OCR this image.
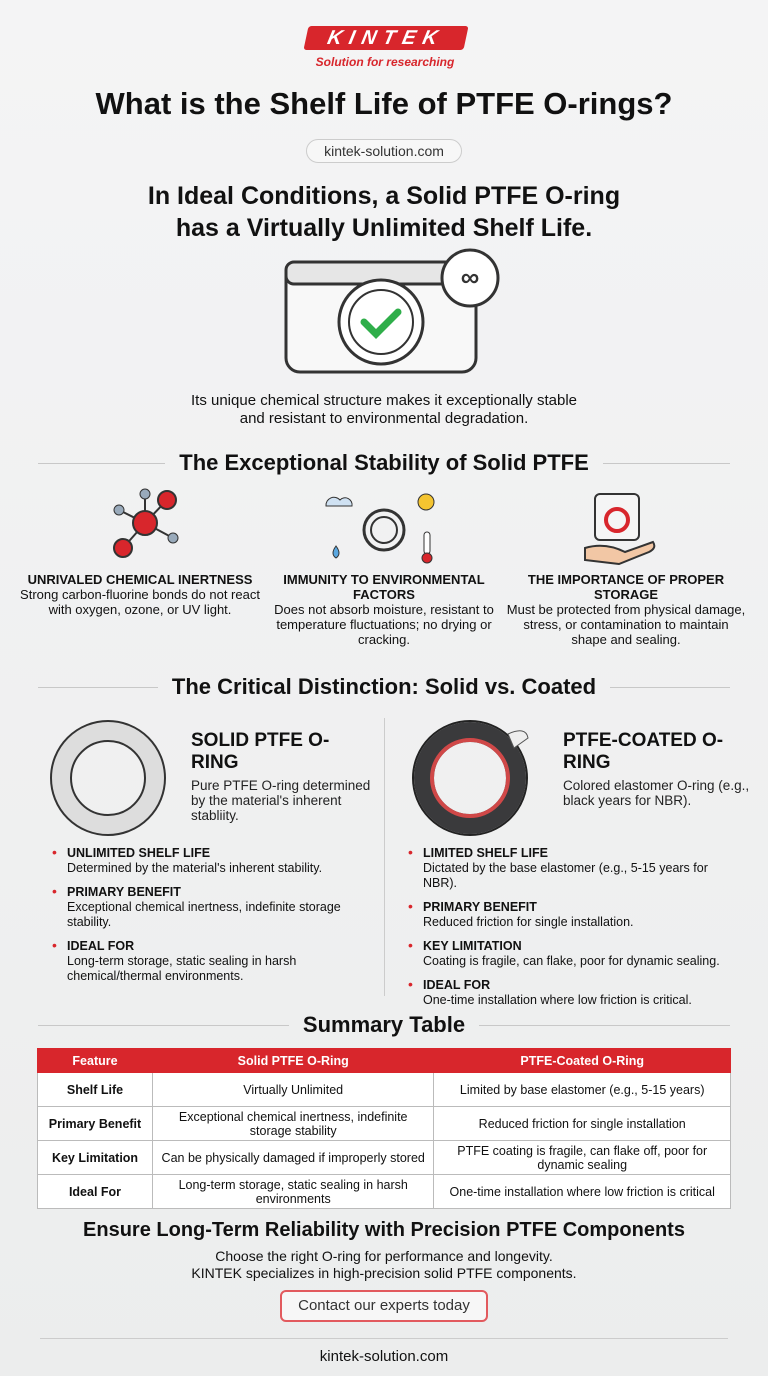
KINTEK
Solution for researching
What is the Shelf Life of PTFE O-rings?
kintek-solution.com
In Ideal Conditions, a Solid PTFE O-ring
has a Virtually Unlimited Shelf Life.
∞
Its unique chemical structure makes it exceptionally stable
and resistant to environmental degradation.
The Exceptional Stability of Solid PTFE
UNRIVALED CHEMICAL INERTNESS
Strong carbon-fluorine bonds do not react with oxygen, ozone, or UV light.
IMMUNITY TO ENVIRONMENTAL FACTORS
Does not absorb moisture, resistant to temperature fluctuations; no drying or cracking.
THE IMPORTANCE OF PROPER STORAGE
Must be protected from physical damage, stress, or contamination to maintain shape and sealing.
The Critical Distinction: Solid vs. Coated
SOLID PTFE O-RING
Pure PTFE O-ring determined by the material's inherent stabliity.
• UNLIMITED SHELF LIFE
Determined by the material's inherent stability.
• PRIMARY BENEFIT
Exceptional chemical inertness, indefinite storage stability.
• IDEAL FOR
Long-term storage, static sealing in harsh chemical/thermal environments.
PTFE-COATED O-RING
Colored elastomer O-ring (e.g., black years for NBR).
• LIMITED SHELF LIFE
Dictated by the base elastomer (e.g., 5-15 years for NBR).
• PRIMARY BENEFIT
Reduced friction for single installation.
• KEY LIMITATION
Coating is fragile, can flake, poor for dynamic sealing.
• IDEAL FOR
One-time installation where low friction is critical.
Summary Table
Feature	Solid PTFE O-Ring	PTFE-Coated O-Ring
Shelf Life	Virtually Unlimited	Limited by base elastomer (e.g., 5-15 years)
Primary Benefit	Exceptional chemical inertness, indefinite storage stability	Reduced friction for single installation
Key Limitation	Can be physically damaged if improperly stored	PTFE coating is fragile, can flake off, poor for dynamic sealing
Ideal For	Long-term storage, static sealing in harsh environments	One-time installation where low friction is critical
Ensure Long-Term Reliability with Precision PTFE Components
Choose the right O-ring for performance and longevity.
KINTEK specializes in high-precision solid PTFE components.
Contact our experts today
kintek-solution.com
